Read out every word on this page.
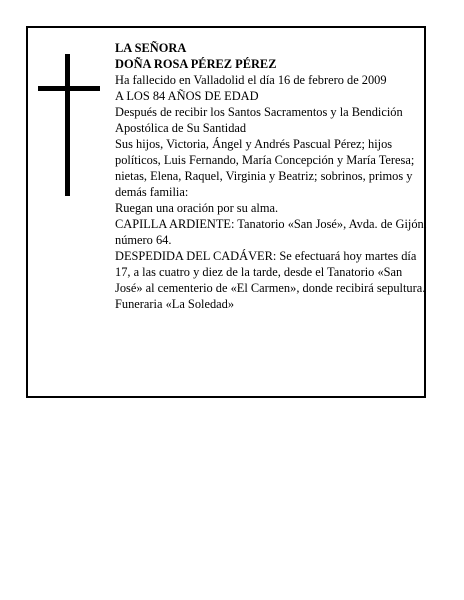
LA SEÑORA

DOÑA ROSA PÉREZ PÉREZ

Ha fallecido en Valladolid el día 16 de febrero de 2009

A LOS 84 AÑOS DE EDAD

Después de recibir los Santos Sacramentos y la Bendición Apostólica de Su Santidad

Sus hijos, Victoria, Ángel y Andrés Pascual Pérez; hijos políticos, Luis Fernando, María Concepción y María Teresa; nietas, Elena, Raquel, Virginia y Beatriz; sobrinos, primos y demás familia:

Ruegan una oración por su alma.

CAPILLA ARDIENTE: Tanatorio «San José», Avda. de Gijón, número 64.

DESPEDIDA DEL CADÁVER: Se efectuará hoy martes día 17, a las cuatro y diez de la tarde, desde el Tanatorio «San José» al cementerio de «El Carmen», donde recibirá sepultura.

Funeraria «La Soledad»
